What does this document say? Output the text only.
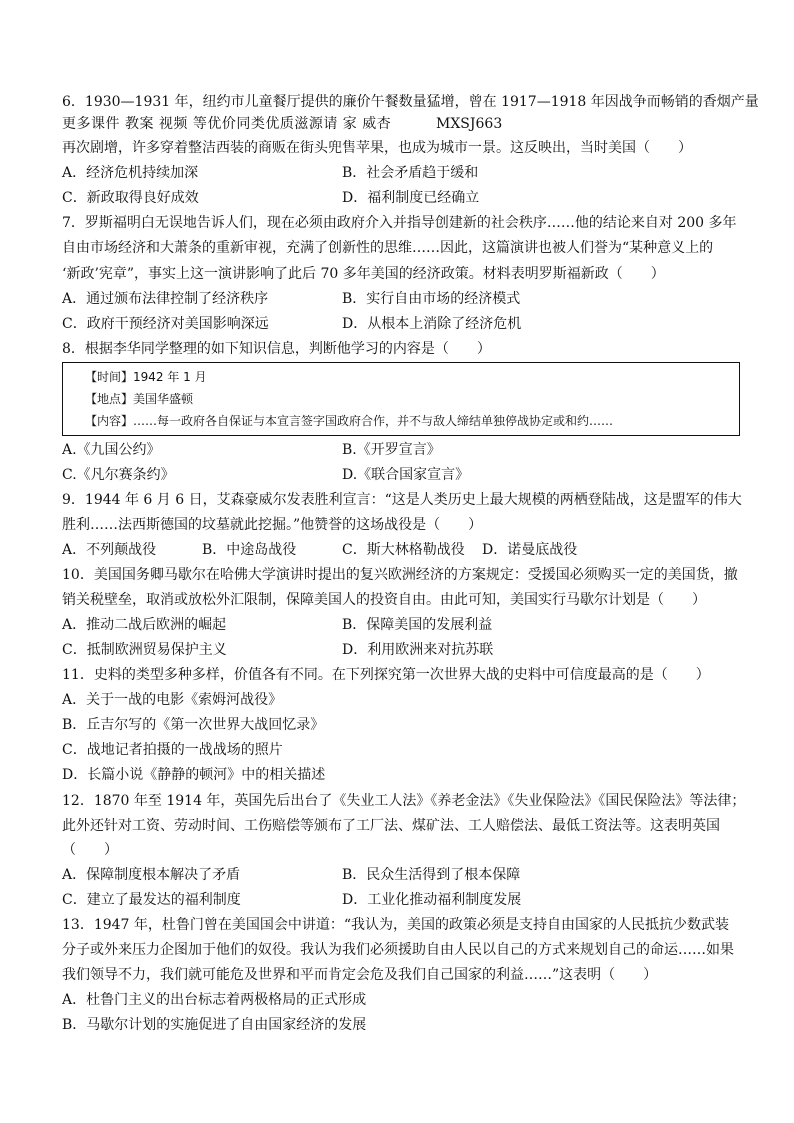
6．1930—1931 年，纽约市儿童餐厅提供的廉价午餐数量猛增，曾在 1917—1918 年因战争而畅销的香烟产量
更多课件 教案 视频 等优价同类优质滋源请 家 威杏	MXSJ663
再次剧增，许多穿着整洁西装的商贩在街头兜售苹果，也成为城市一景。这反映出，当时美国（　　）
A．经济危机持续加深	B．社会矛盾趋于缓和
C．新政取得良好成效	D．福利制度已经确立
7．罗斯福明白无误地告诉人们，现在必须由政府介入并指导创建新的社会秩序……他的结论来自对 200 多年
自由市场经济和大萧条的重新审视，充满了创新性的思维……因此，这篇演讲也被人们誉为“某种意义上的
‘新政’宪章”，事实上这一演讲影响了此后 70 多年美国的经济政策。材料表明罗斯福新政（　　）
A．通过颁布法律控制了经济秩序	B．实行自由市场的经济模式
C．政府干预经济对美国影响深远	D．从根本上消除了经济危机
8．根据李华同学整理的如下知识信息，判断他学习的内容是（　　）
【时间】1942 年 1 月
【地点】美国华盛顿
【内容】……每一政府各自保证与本宣言签字国政府合作，并不与敌人缔结单独停战协定或和约……
A.《九国公约》	B.《开罗宣言》
C.《凡尔赛条约》	D.《联合国家宣言》
9．1944 年 6 月 6 日，艾森豪威尔发表胜利宣言：“这是人类历史上最大规模的两栖登陆战，这是盟军的伟大
胜利……法西斯德国的坟墓就此挖掘。”他赞誉的这场战役是（　　）
A．不列颠战役	B．中途岛战役	C．斯大林格勒战役 D．诺曼底战役
10．美国国务卿马歇尔在哈佛大学演讲时提出的复兴欧洲经济的方案规定：受援国必须购买一定的美国货，撤
销关税壁垒，取消或放松外汇限制，保障美国人的投资自由。由此可知，美国实行马歇尔计划是（　　）
A．推动二战后欧洲的崛起	B．保障美国的发展利益
C．抵制欧洲贸易保护主义	D．利用欧洲来对抗苏联
11．史料的类型多种多样，价值各有不同。在下列探究第一次世界大战的史料中可信度最高的是（　　）
A．关于一战的电影《索姆河战役》
B．丘吉尔写的《第一次世界大战回忆录》
C．战地记者拍摄的一战战场的照片
D．长篇小说《静静的顿河》中的相关描述
12．1870 年至 1914 年，英国先后出台了《失业工人法》《养老金法》《失业保险法》《国民保险法》等法律；
此外还针对工资、劳动时间、工伤赔偿等颁布了工厂法、煤矿法、工人赔偿法、最低工资法等。这表明英国
（　　）
A．保障制度根本解决了矛盾	B．民众生活得到了根本保障
C．建立了最发达的福利制度	D．工业化推动福利制度发展
13．1947 年，杜鲁门曾在美国国会中讲道：“我认为，美国的政策必须是支持自由国家的人民抵抗少数武装
分子或外来压力企图加于他们的奴役。我认为我们必须援助自由人民以自己的方式来规划自己的命运……如果
我们领导不力，我们就可能危及世界和平而肯定会危及我们自己国家的利益……”这表明（　　）
A．杜鲁门主义的出台标志着两极格局的正式形成
B．马歇尔计划的实施促进了自由国家经济的发展
